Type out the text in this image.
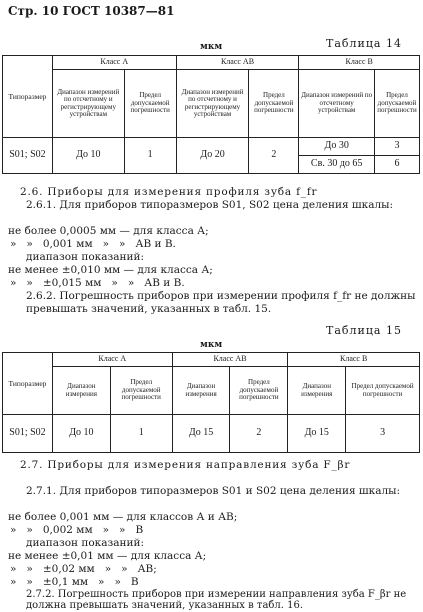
Стр. 10 ГОСТ 10387—81
мкм	Таблица 14
Типоразмер	Класс А		Класс АВ		Класс В	
	Диапазон измерений по отсчетному и регистрирующему устройствам	Предел допускаемой погрешности	Диапазон измерений по отсчетному и регистрирующему устройствам	Предел допускаемой погрешности	Диапазон измерений по отсчетному устройствам	Предел допускаемой погрешности
S01; S02	До 10	1	До 20	2	До 30	3
					Св. 30 до 65	6
2.6. Приборы для измерения профиля зуба f_fr
2.6.1. Для приборов типоразмеров S01, S02 цена деления шкалы:
не более 0,0005 мм — для класса А;
»   »   0,001 мм   »   »   АВ и В.
диапазон показаний:
не менее ±0,010 мм — для класса А;
»   »   ±0,015 мм   »   »   АВ и В.
2.6.2. Погрешность приборов при измерении профиля f_fr не должны превышать значений, указанных в табл. 15.
Таблица 15
мкм
Типоразмер	Класс А		Класс АВ		Класс В	
	Диапазон измерения	Предел допускаемой погрешности	Диапазон измерения	Предел допускаемой погрешности	Диапазон измерения	Предел допускаемой погрешности
S01; S02	До 10	1	До 15	2	До 15	3
2.7. Приборы для измерения направления зуба F_βr
2.7.1. Для приборов типоразмеров S01 и S02 цена деления шкалы:
не более 0,001 мм — для классов А и АВ;
»   »   0,002 мм   »   »   В
диапазон показаний:
не менее ±0,01 мм — для класса А;
»   »   ±0,02 мм   »   »   АВ;
»   »   ±0,1 мм   »   »   В
2.7.2. Погрешность приборов при измерении направления зуба F_βr не должна превышать значений, указанных в табл. 16.
